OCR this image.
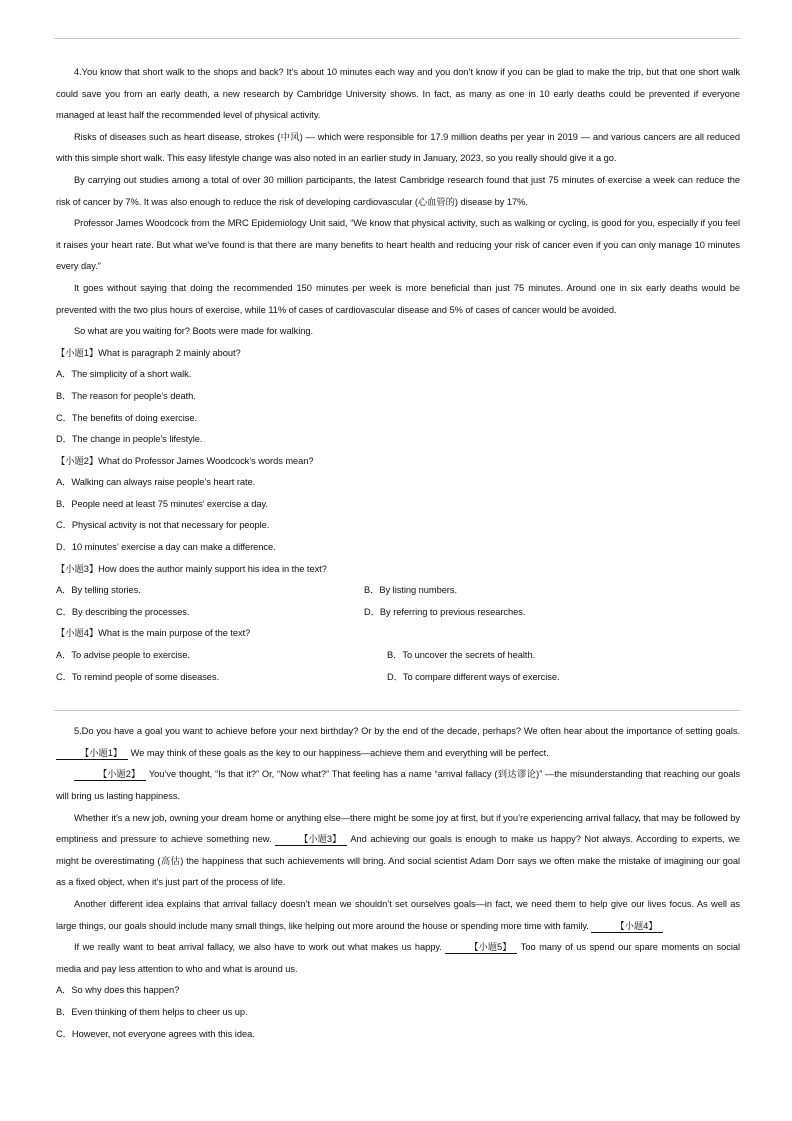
4.You know that short walk to the shops and back? It’s about 10 minutes each way and you don’t know if you can be glad to make the trip, but that one short walk could save you from an early death, a new research by Cambridge University shows. In fact, as many as one in 10 early deaths could be prevented if everyone managed at least half the recommended level of physical activity.

Risks of diseases such as heart disease, strokes (中风) — which were responsible for 17.9 million deaths per year in 2019 — and various cancers are all reduced with this simple short walk. This easy lifestyle change was also noted in an earlier study in January, 2023, so you really should give it a go.

By carrying out studies among a total of over 30 million participants, the latest Cambridge research found that just 75 minutes of exercise a week can reduce the risk of cancer by 7%. It was also enough to reduce the risk of developing cardiovascular (心血管的) disease by 17%.

Professor James Woodcock from the MRC Epidemiology Unit said, “We know that physical activity, such as walking or cycling, is good for you, especially if you feel it raises your heart rate. But what we’ve found is that there are many benefits to heart health and reducing your risk of cancer even if you can only manage 10 minutes every day.”

It goes without saying that doing the recommended 150 minutes per week is more beneficial than just 75 minutes. Around one in six early deaths would be prevented with the two plus hours of exercise, while 11% of cases of cardiovascular disease and 5% of cases of cancer would be avoided.

So what are you waiting for? Boots were made for walking.

【小题1】What is paragraph 2 mainly about?

A．The simplicity of a short walk.

B．The reason for people’s death.

C．The benefits of doing exercise.

D．The change in people’s lifestyle.

【小题2】What do Professor James Woodcock’s words mean?

A．Walking can always raise people’s heart rate.

B．People need at least 75 minutes’ exercise a day.

C．Physical activity is not that necessary for people.

D．10 minutes’ exercise a day can make a difference.

【小题3】How does the author mainly support his idea in the text?

A．By telling stories.	B．By listing numbers.
C．By describing the processes.	D．By referring to previous researches.

【小题4】What is the main purpose of the text?

A．To advise people to exercise.	B．To uncover the secrets of health.
C．To remind people of some diseases.	D．To compare different ways of exercise.

5.Do you have a goal you want to achieve before your next birthday? Or by the end of the decade, perhaps? We often hear about the importance of setting goals. 【小题1】 We may think of these goals as the key to our happiness—achieve them and everything will be perfect.

【小题2】 You’ve thought, “Is that it?” Or, “Now what?” That feeling has a name “arrival fallacy (到达谬论)” —the misunderstanding that reaching our goals will bring us lasting happiness.

Whether it’s a new job, owning your dream home or anything else—there might be some joy at first, but if you’re experiencing arrival fallacy, that may be followed by emptiness and pressure to achieve something new.	【小题3】 And achieving our goals is enough to make us happy? Not always. According to experts, we might be overestimating (高估) the happiness that such achievements will bring. And social scientist Adam Dorr says we often make the mistake of imagining our goal as a fixed object, when it’s just part of the process of life.

Another different idea explains that arrival fallacy doesn’t mean we shouldn’t set ourselves goals—in fact, we need them to help give our lives focus. As well as large things, our goals should include many small things, like helping out more around the house or spending more time with family.	【小题4】

If we really want to beat arrival fallacy, we also have to work out what makes us happy.	【小题5】 Too many of us spend our spare moments on social media and pay less attention to who and what is around us.

A．So why does this happen?

B．Even thinking of them helps to cheer us up.

C．However, not everyone agrees with this idea.
